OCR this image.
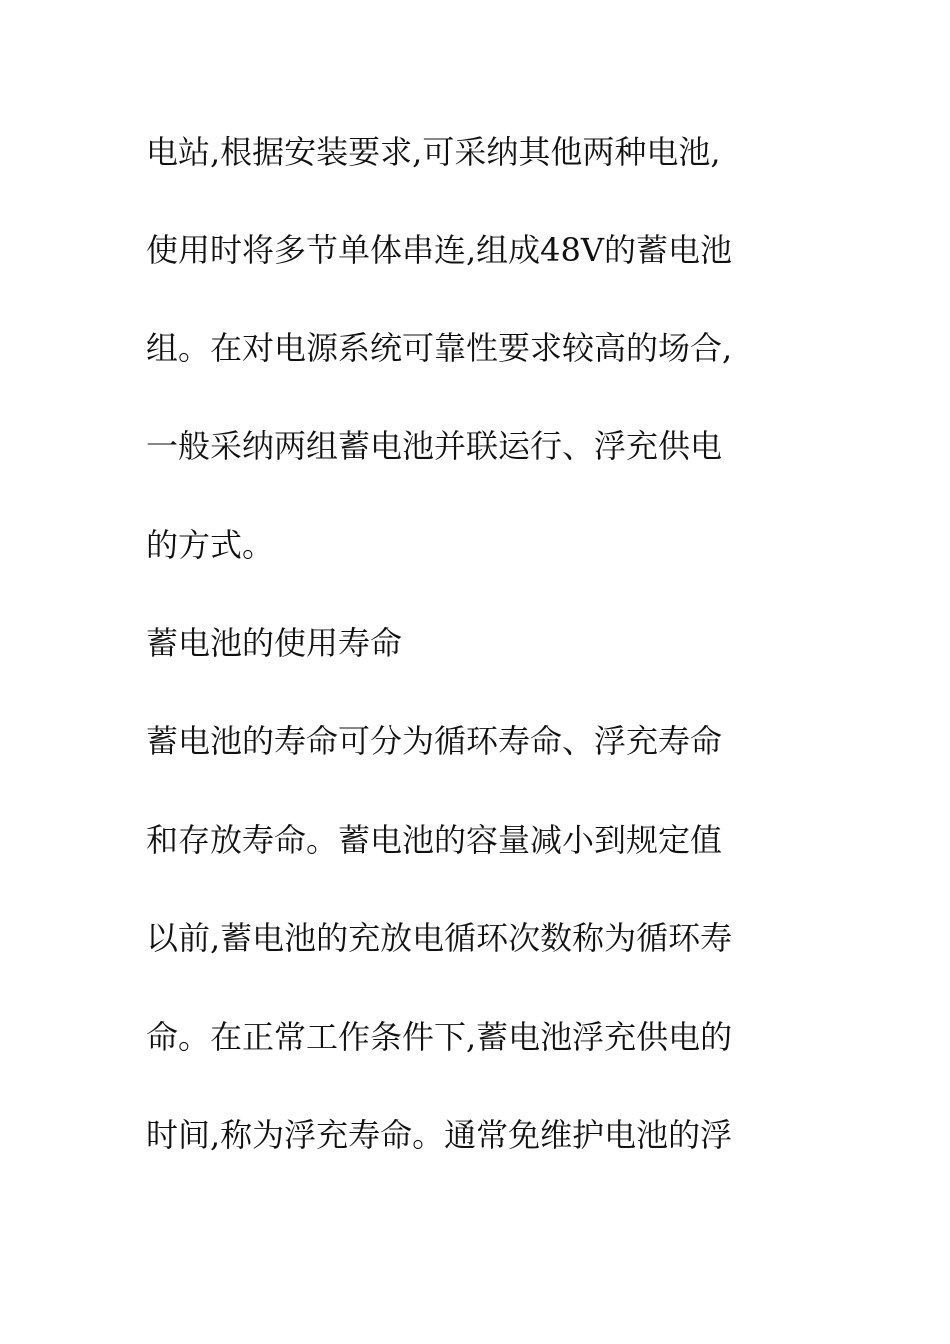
电站,根据安装要求,可采纳其他两种电池,
使用时将多节单体串连,组成48V的蓄电池
组。在对电源系统可靠性要求较高的场合,
一般采纳两组蓄电池并联运行、浮充供电
的方式。
蓄电池的使用寿命
蓄电池的寿命可分为循环寿命、浮充寿命
和存放寿命。蓄电池的容量减小到规定值
以前,蓄电池的充放电循环次数称为循环寿
命。在正常工作条件下,蓄电池浮充供电的
时间,称为浮充寿命。通常免维护电池的浮
